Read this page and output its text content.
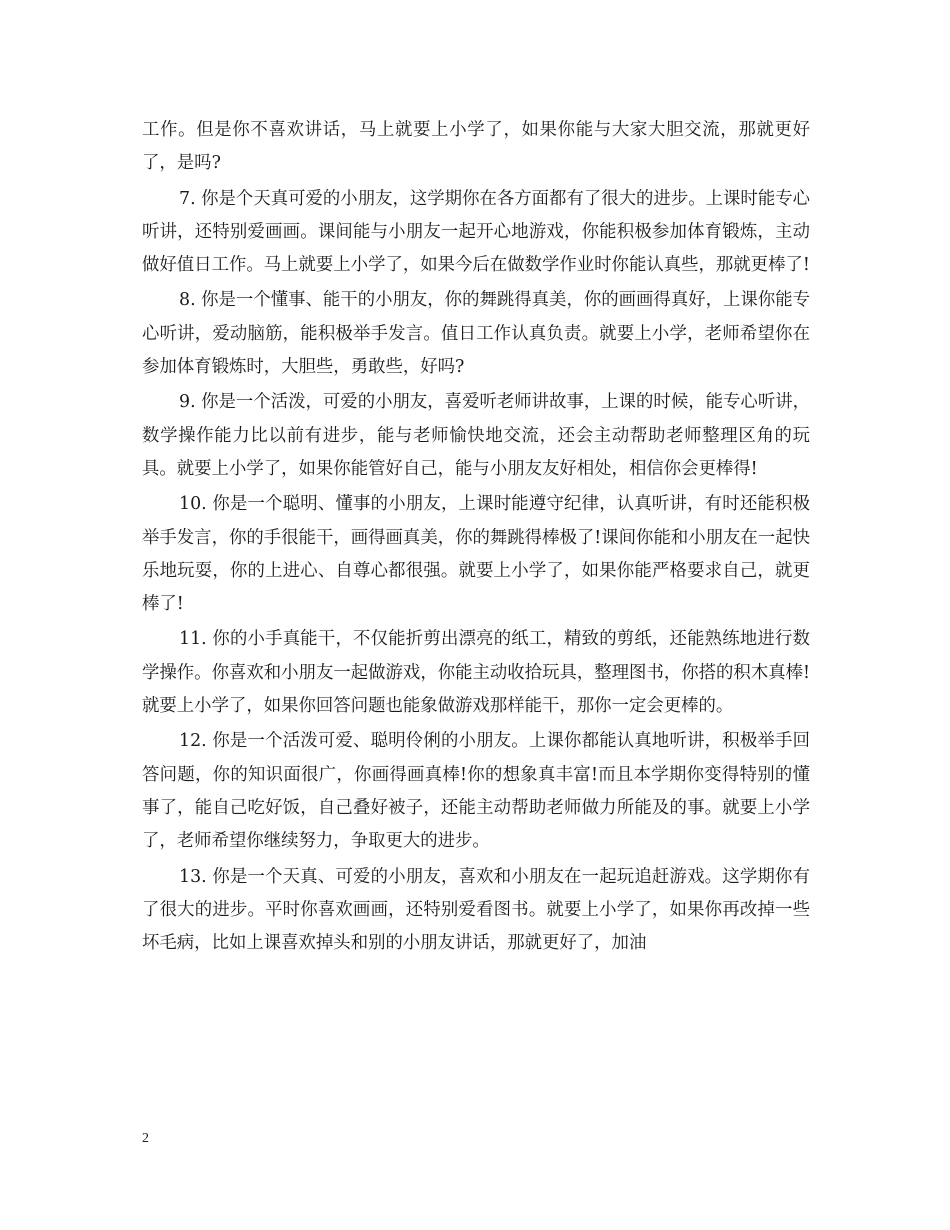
工作。但是你不喜欢讲话，马上就要上小学了，如果你能与大家大胆交流，那就更好了，是吗?

7. 你是个天真可爱的小朋友，这学期你在各方面都有了很大的进步。上课时能专心听讲，还特别爱画画。课间能与小朋友一起开心地游戏，你能积极参加体育锻炼，主动做好值日工作。马上就要上小学了，如果今后在做数学作业时你能认真些，那就更棒了!

8. 你是一个懂事、能干的小朋友，你的舞跳得真美，你的画画得真好，上课你能专心听讲，爱动脑筋，能积极举手发言。值日工作认真负责。就要上小学，老师希望你在参加体育锻炼时，大胆些，勇敢些，好吗?

9. 你是一个活泼，可爱的小朋友，喜爱听老师讲故事，上课的时候，能专心听讲，数学操作能力比以前有进步，能与老师愉快地交流，还会主动帮助老师整理区角的玩具。就要上小学了，如果你能管好自己，能与小朋友友好相处，相信你会更棒得!

10. 你是一个聪明、懂事的小朋友，上课时能遵守纪律，认真听讲，有时还能积极举手发言，你的手很能干，画得画真美，你的舞跳得棒极了!课间你能和小朋友在一起快乐地玩耍，你的上进心、自尊心都很强。就要上小学了，如果你能严格要求自己，就更棒了!

11. 你的小手真能干，不仅能折剪出漂亮的纸工，精致的剪纸，还能熟练地进行数学操作。你喜欢和小朋友一起做游戏，你能主动收拾玩具，整理图书，你搭的积木真棒!就要上小学了，如果你回答问题也能象做游戏那样能干，那你一定会更棒的。

12. 你是一个活泼可爱、聪明伶俐的小朋友。上课你都能认真地听讲，积极举手回答问题，你的知识面很广，你画得画真棒!你的想象真丰富!而且本学期你变得特别的懂事了，能自己吃好饭，自己叠好被子，还能主动帮助老师做力所能及的事。就要上小学了，老师希望你继续努力，争取更大的进步。

13. 你是一个天真、可爱的小朋友，喜欢和小朋友在一起玩追赶游戏。这学期你有了很大的进步。平时你喜欢画画，还特别爱看图书。就要上小学了，如果你再改掉一些坏毛病，比如上课喜欢掉头和别的小朋友讲话，那就更好了，加油

2
